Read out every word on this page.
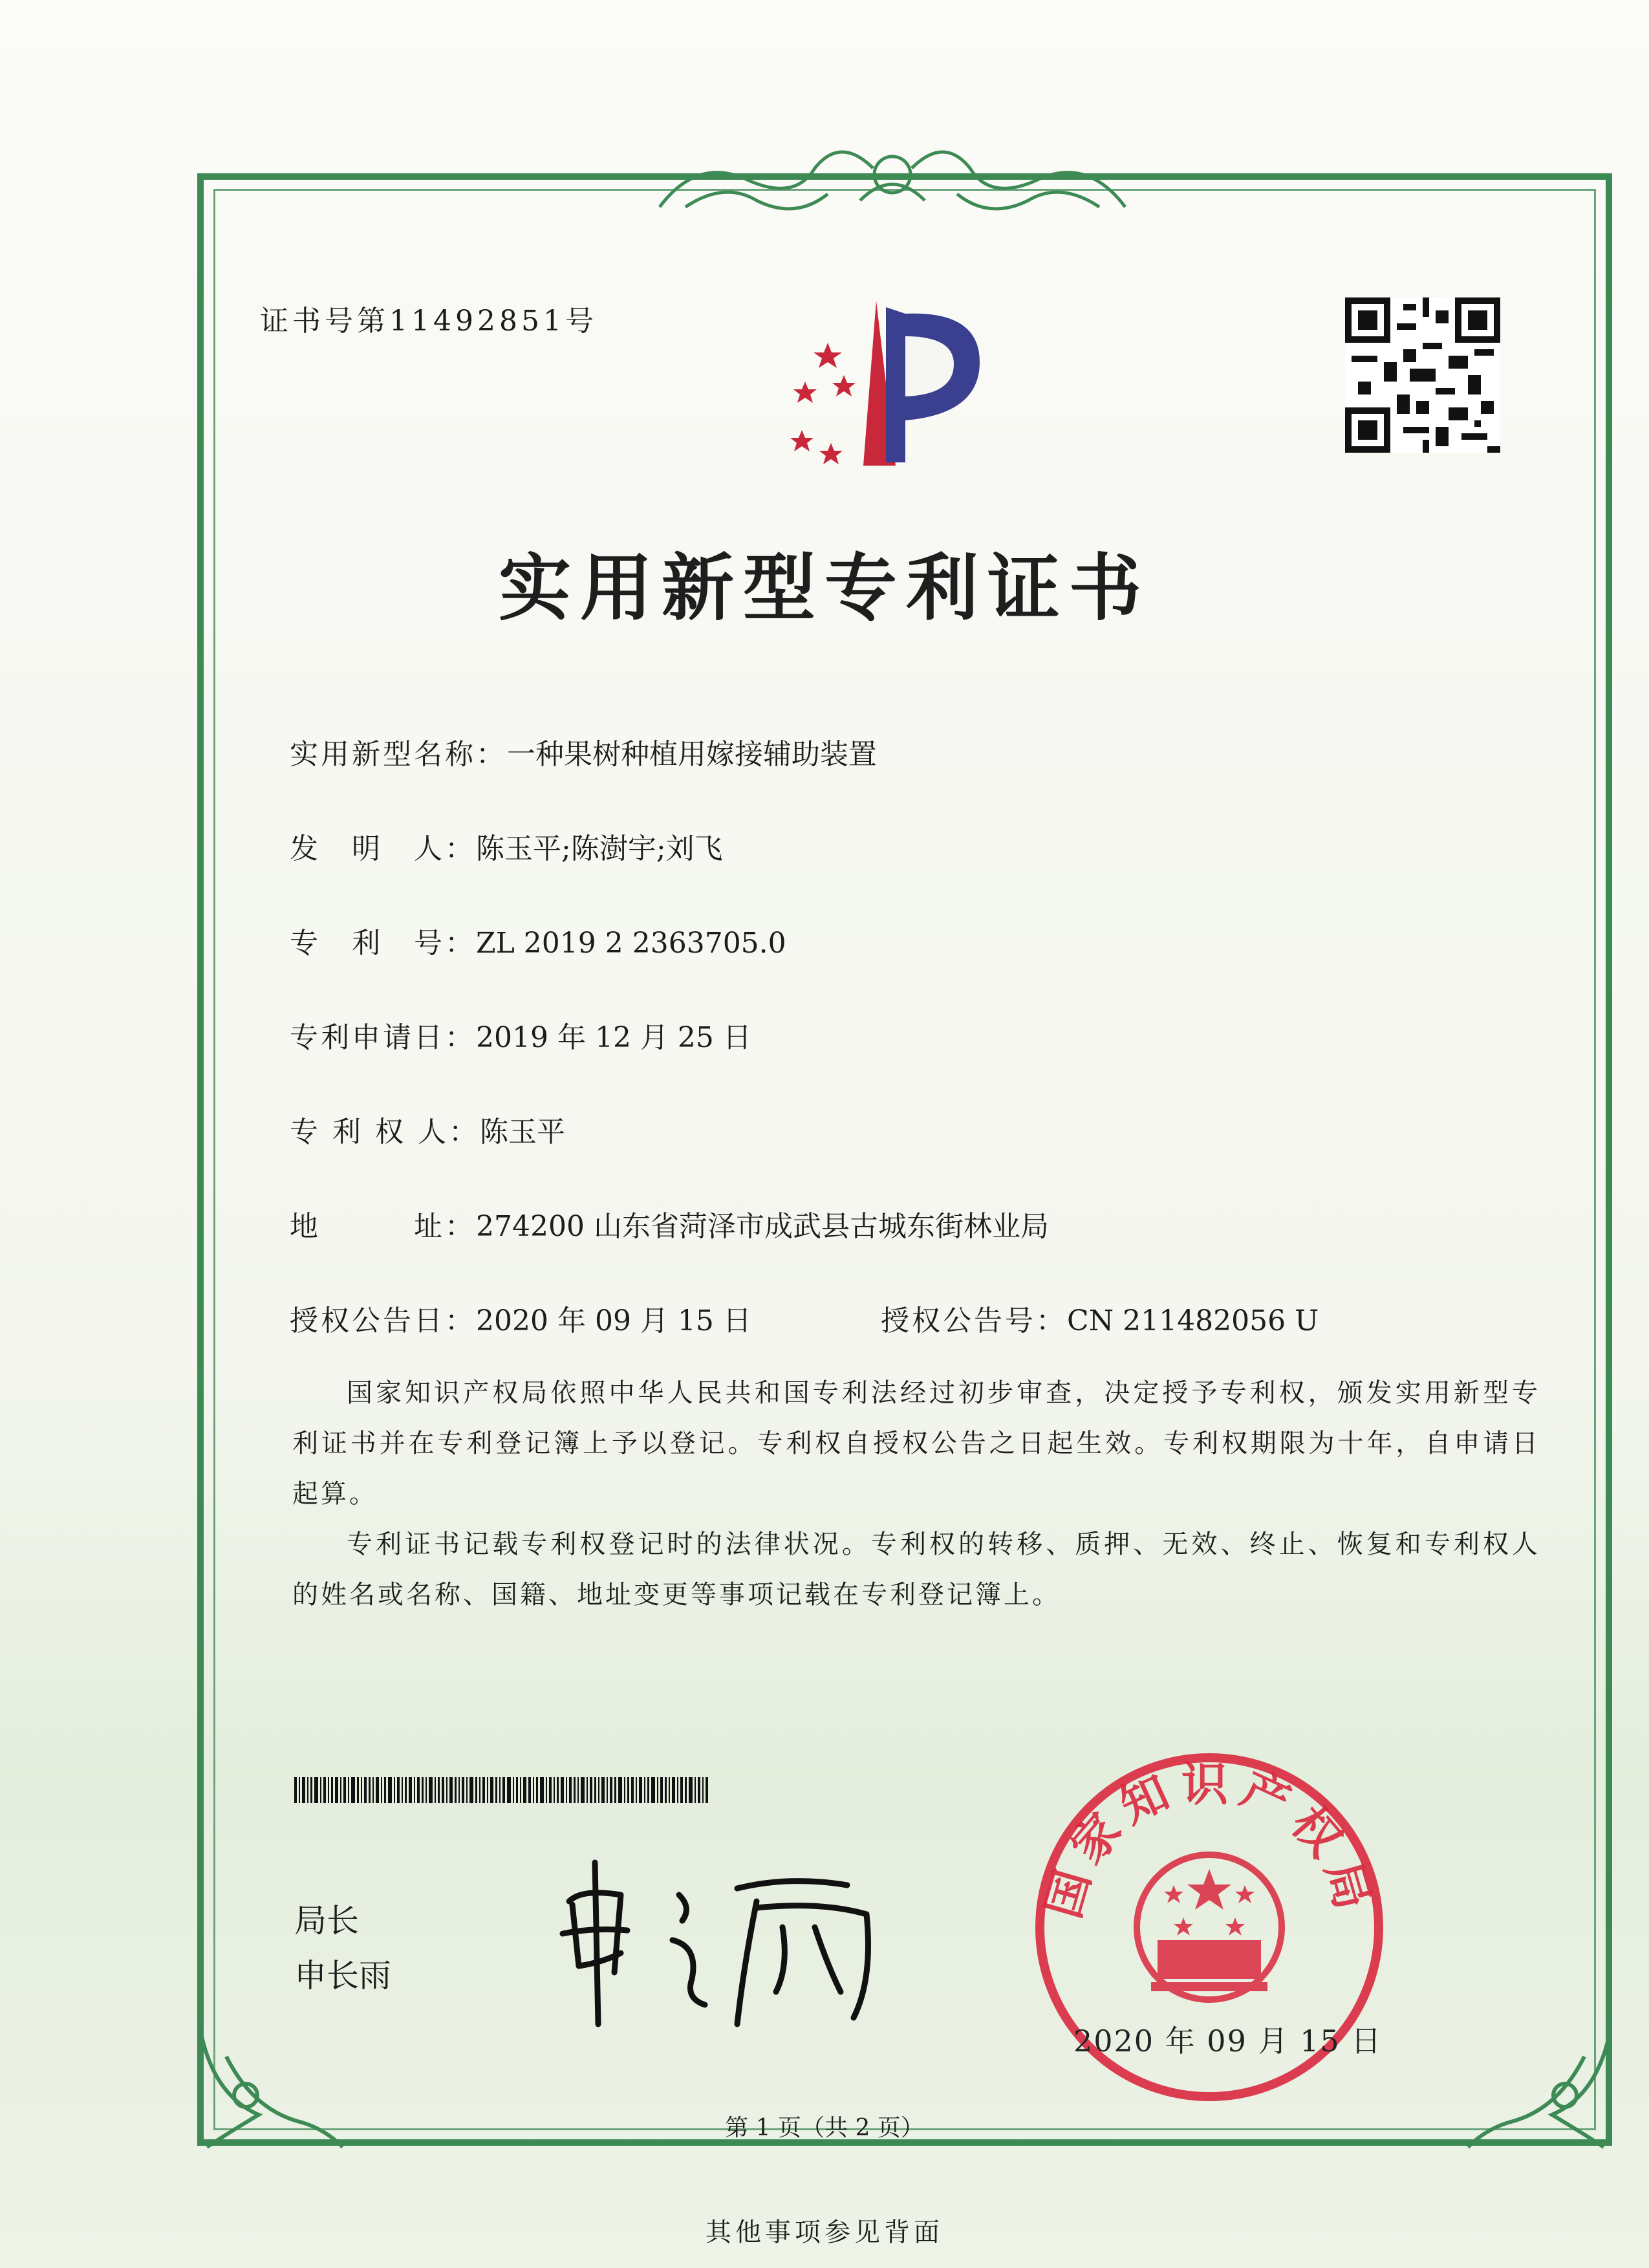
证书号第11492851号
实用新型专利证书
实用新型名称：一种果树种植用嫁接辅助装置
发　明　人：陈玉平;陈澍宇;刘飞
专　利　号：ZL 2019 2 2363705.0
专利申请日：2019 年 12 月 25 日
专 利 权 人：陈玉平
地　　　址：274200 山东省菏泽市成武县古城东街林业局
授权公告日：2020 年 09 月 15 日	授权公告号：CN 211482056 U

国家知识产权局依照中华人民共和国专利法经过初步审查，决定授予专利权，颁发实用新型专利证书并在专利登记簿上予以登记。专利权自授权公告之日起生效。专利权期限为十年，自申请日起算。

专利证书记载专利权登记时的法律状况。专利权的转移、质押、无效、终止、恢复和专利权人的姓名或名称、国籍、地址变更等事项记载在专利登记簿上。

局长
申长雨
国家知识产权局
2020 年 09 月 15 日
第 1 页（共 2 页）
其他事项参见背面
